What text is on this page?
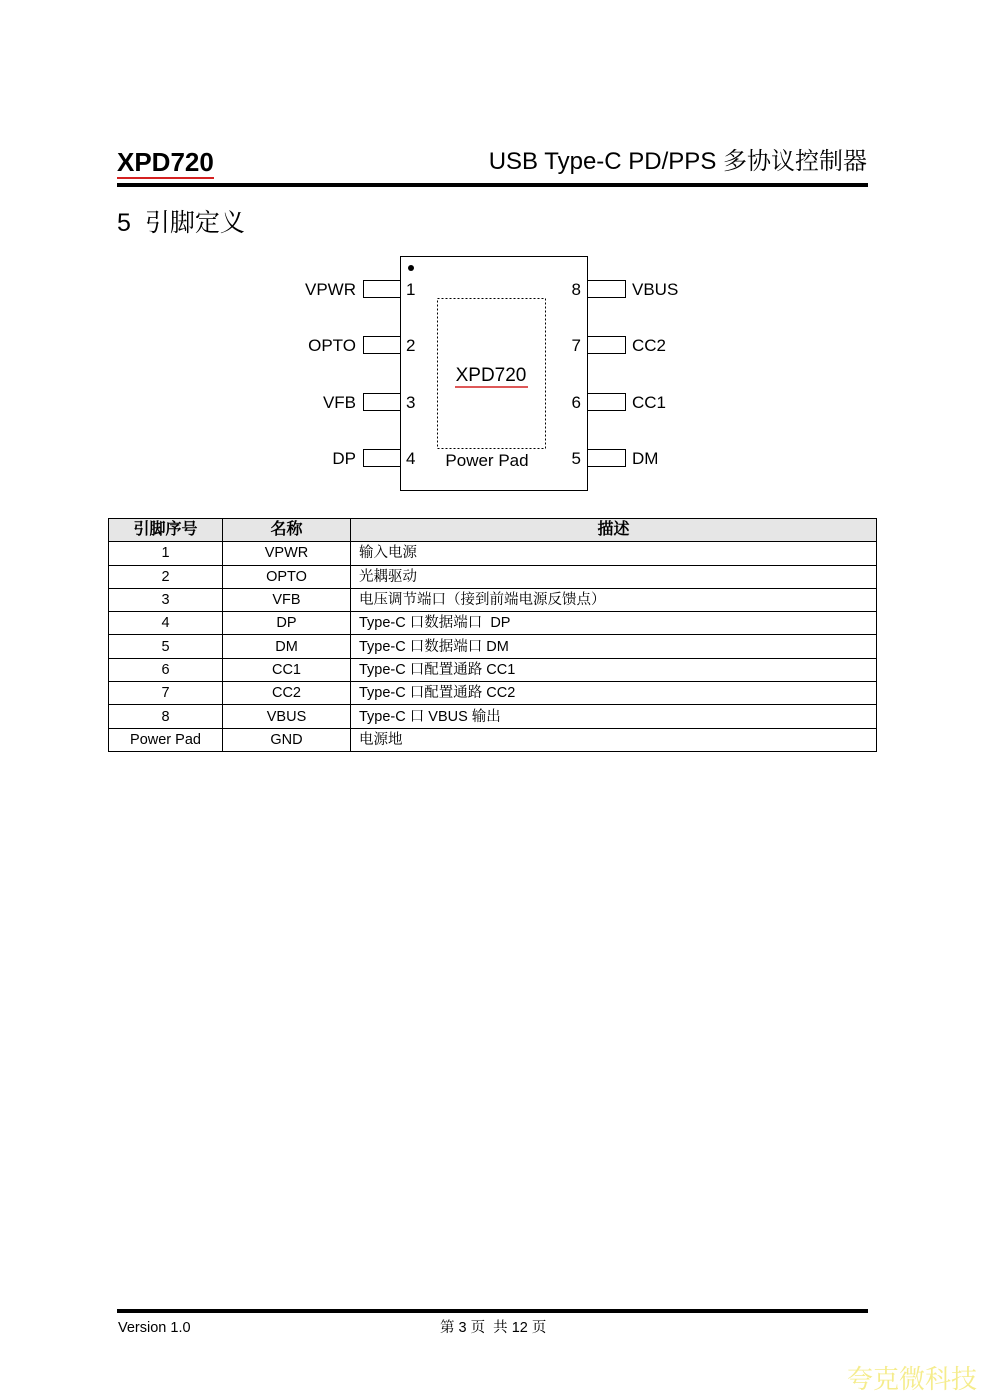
XPD720	USB Type-C PD/PPS 多协议控制器
5 引脚定义
XPD720
Power Pad
VPWR	1
OPTO	2
VFB	3
DP	4
VBUS
8
CC2
7
CC1
6
DM
5
引脚序号	名称	描述
1	VPWR	输入电源
2	OPTO	光耦驱动
3	VFB	电压调节端口（接到前端电源反馈点）
4	DP	Type-C 口数据端口  DP
5	DM	Type-C 口数据端口 DM
6	CC1	Type-C 口配置通路 CC1
7	CC2	Type-C 口配置通路 CC2
8	VBUS	Type-C 口 VBUS 输出
Power Pad	GND	电源地
Version 1.0	第 3 页  共 12 页
夸克微科技
